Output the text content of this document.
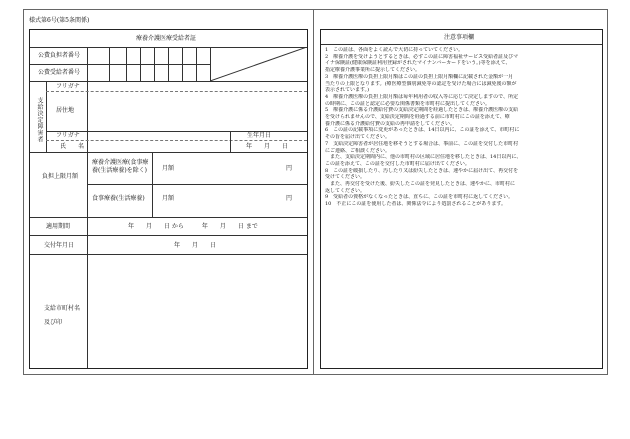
様式第6号(第5条関係)
療養介護医療受給者証
公費負担者番号
公費受給者番号
支給決定障害者
フリガナ
居住地
フリガナ
氏　　名
生年月日
年　　月　　日
負担上限月額
療養介護医療(食事療養(生活療養)を除く)	月額	円
食事療養(生活療養)	月額	円
適用期間	年　　月　　日 から　　　年　　月　　日 まで
交付年月日	年　　月　　日
支給市町村名及び印
注意事項欄
1　この証は、各面をよく読んで大切に持っていてください。
2　療養介護を受けようとするときは、必ずこの証に障害福祉サービス受給者証及びマ
イナ保険証(健康保険証利用登録がされたマイナンバーカードをいう。)等を添えて、
指定療養介護事業所に提示してください。
3　療養介護医療の負担上限月額はこの証の負担上限月額欄に記載された金額が一月
当たりの上限となります。(療医療型個別減免等の認定を受けた場合には減免後の額が
表示されています。)
4　療養介護医療の負担上限月額は毎年利用者の収入等に応じて決定しますので、所定
の時期に、この証と認定に必要な関係書類を市町村に提出してください。
5　療養介護に係る介護給付費の支給決定期間を経過したときは、療養介護医療の支給
を受けられませんので、支給決定期間を経過する前に市町村にこの証を添えて、療
養介護に係る介護給付費の支給の再申請をしてください。
6　この証の記載事項に変更があったときは、14日以内に、この証を添えて、市町村に
その旨を届け出てください。
7　支給決定障害者が居住地を移そうとする場合は、事前に、この証を交付した市町村
にご連絡、ご相談ください。
　また、支給決定期間内に、他の市町村の区域に居住地を移したときは、14日以内に、
この証を添えて、この証を交付した市町村に届け出てください。
8　この証を破損したり、汚したり又は紛失したときは、速やかに届け出て、再交付を
受けてください。
　また、再交付を受けた後、紛失したこの証を発見したときは、速やかに、市町村に
返してください。
9　受給者の資格がなくなったときは、直ちに、この証を市町村に返してください。
10　不正にこの証を使用した者は、関係法令により処罰されることがあります。
